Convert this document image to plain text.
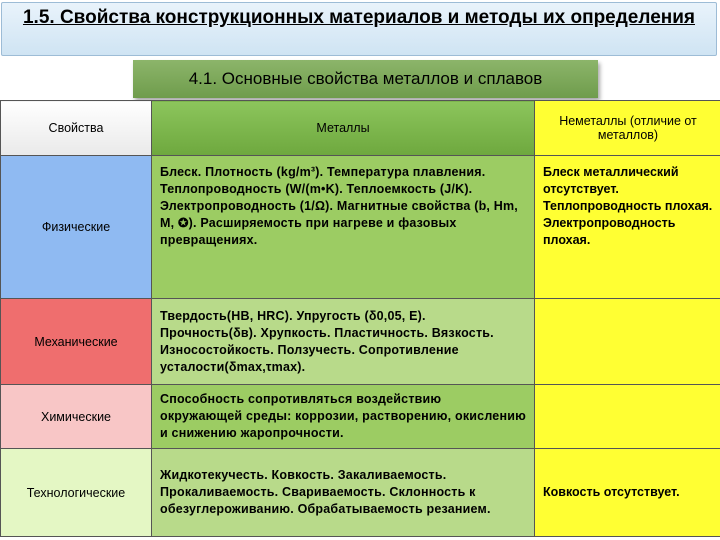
1.5. Свойства конструкционных материалов и методы их определения
4.1. Основные свойства металлов и сплавов
Свойства	Металлы	Неметаллы (отличие от металлов)
Физические	Блеск. Плотность (kg/m³). Температура плавления. Теплопроводность (W/(m•K). Теплоемкость (J/K). Электропроводность (1/Ω). Магнитные свойства (b, Hm, M, ✪). Расширяемость при нагреве и фазовых превращениях.	Блеск металлический отсутствует. Теплопроводность плохая. Электропроводность плохая.
Механические	Твердость(HB, HRC). Упругость (δ0,05, E). Прочность(δв). Хрупкость. Пластичность. Вязкость. Износостойкость. Ползучесть. Сопротивление усталости(δmax,τmax).	
Химические	Способность сопротивляться воздействию окружающей среды: коррозии, растворению, окислению и снижению жаропрочности.	
Технологические	Жидкотекучесть. Ковкость. Закаливаемость. Прокаливаемость. Свариваемость. Склонность к обезуглероживанию. Обрабатываемость резанием.	Ковкость отсутствует.
